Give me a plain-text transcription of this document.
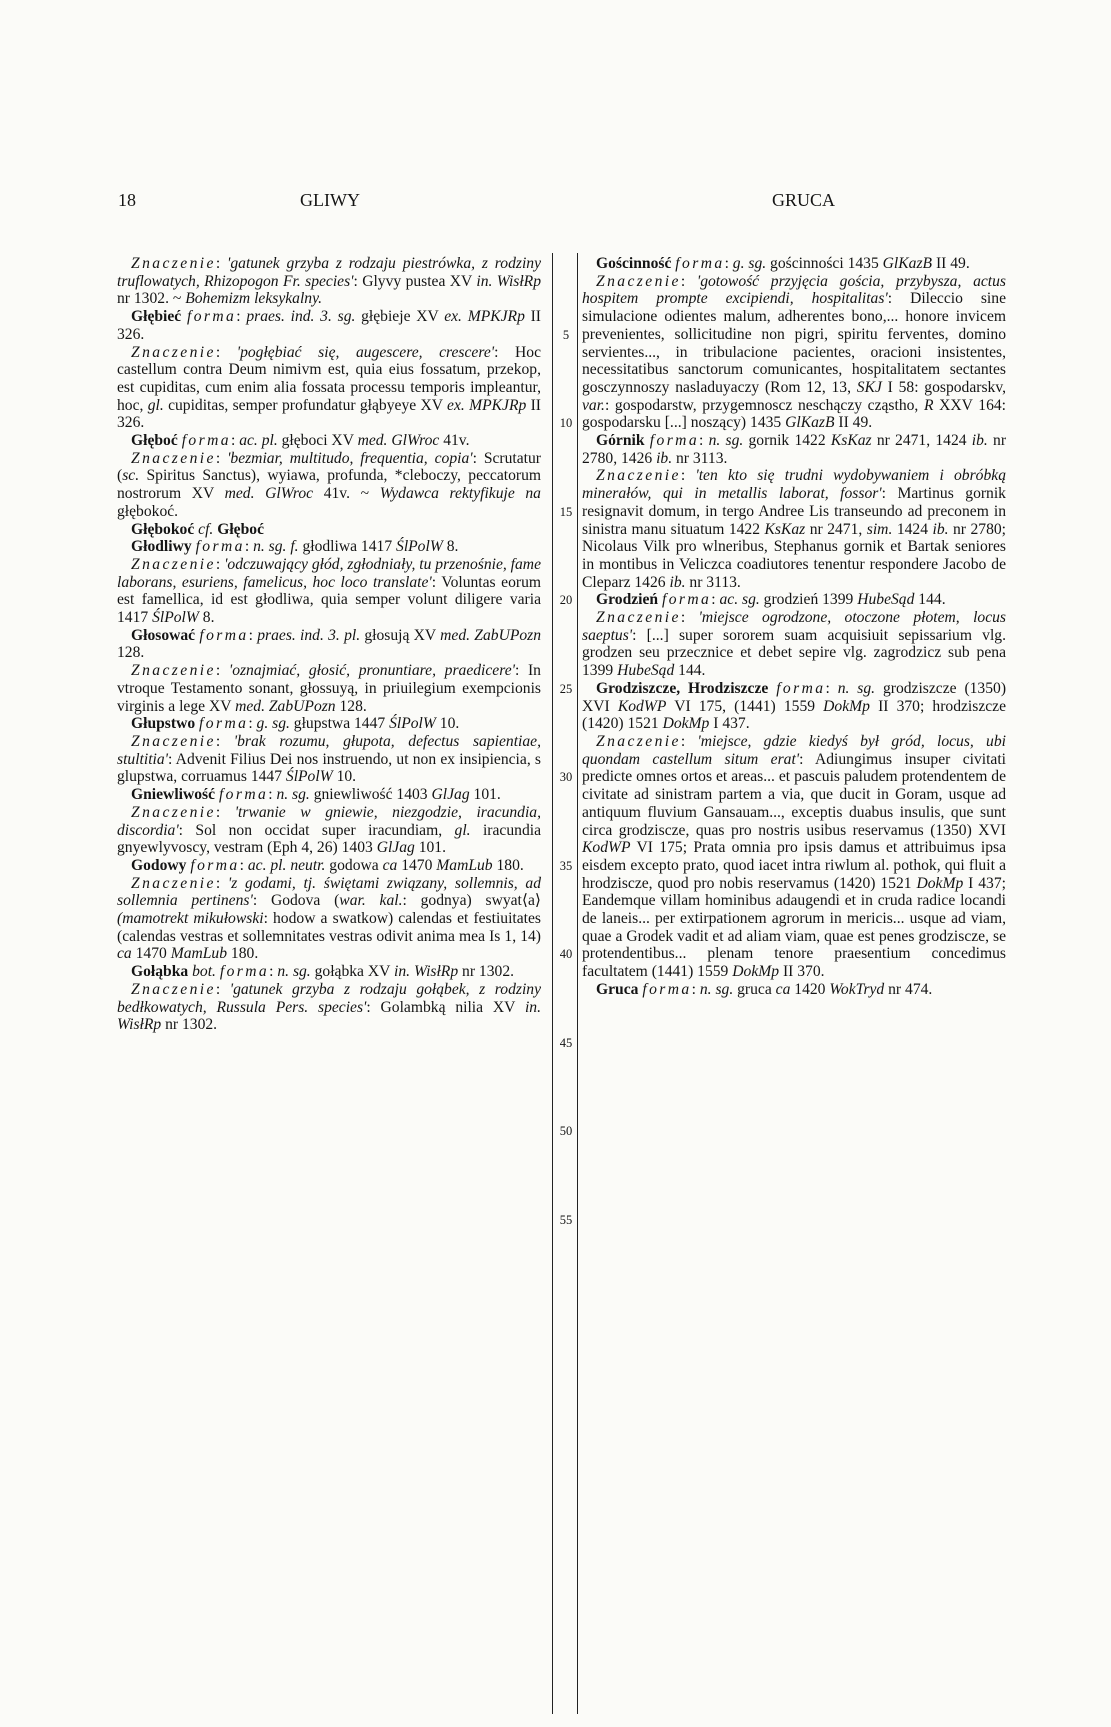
18	GLIWY	GRUCA

Znaczenie: 'gatunek grzyba z rodzaju piestrówka, z rodziny truflowatych, Rhizopogon Fr. species': Glyvy pustea XV in. WisłRp nr 1302. ~ Bohemizm leksykalny.

Głębieć forma: praes. ind. 3. sg. głębieje XV ex. MPKJRp II 326.

Znaczenie: 'pogłębiać się, augescere, crescere': Hoc castellum contra Deum nimivm est, quia eius fossatum, przekop, est cupiditas, cum enim alia fossata processu temporis impleantur, hoc, gl. cupiditas, semper profundatur głąbyeye XV ex. MPKJRp II 326.

Głęboć forma: ac. pl. głęboci XV med. GlWroc 41v.

Znaczenie: 'bezmiar, multitudo, frequentia, copia': Scrutatur (sc. Spiritus Sanctus), wyiawa, profunda, *cleboczy, peccatorum nostrorum XV med. GlWroc 41v. ~ Wydawca rektyfikuje na głębokoć.

Głębokoć cf. Głęboć

Głodliwy forma: n. sg. f. głodliwa 1417 ŚlPolW 8.

Znaczenie: 'odczuwający głód, zgłodniały, tu przenośnie, fame laborans, esuriens, famelicus, hoc loco translate': Voluntas eorum est famellica, id est głodliwa, quia semper volunt diligere varia 1417 ŚlPolW 8.

Głosować forma: praes. ind. 3. pl. głosują XV med. ZabUPozn 128.

Znaczenie: 'oznajmiać, głosić, pronuntiare, praedicere': In vtroque Testamento sonant, głossuyą, in priuilegium exempcionis virginis a lege XV med. ZabUPozn 128.

Głupstwo forma: g. sg. głupstwa 1447 ŚlPolW 10.

Znaczenie: 'brak rozumu, głupota, defectus sapientiae, stultitia': Advenit Filius Dei nos instruendo, ut non ex insipiencia, s glupstwa, corruamus 1447 ŚlPolW 10.

Gniewliwość forma: n. sg. gniewliwość 1403 GlJag 101.

Znaczenie: 'trwanie w gniewie, niezgodzie, iracundia, discordia': Sol non occidat super iracundiam, gl. iracundia gnyewlyvoscy, vestram (Eph 4, 26) 1403 GlJag 101.

Godowy forma: ac. pl. neutr. godowa ca 1470 MamLub 180.

Znaczenie: 'z godami, tj. świętami związany, sollemnis, ad sollemnia pertinens': Godova (war. kal.: godnya) swyat⟨a⟩ (mamotrekt mikułowski: hodow a swatkow) calendas et festiuitates (calendas vestras et sollemnitates vestras odivit anima mea Is 1, 14) ca 1470 MamLub 180.

Gołąbka bot. forma: n. sg. gołąbka XV in. WisłRp nr 1302.

Znaczenie: 'gatunek grzyba z rodzaju gołąbek, z rodziny bedłkowatych, Russula Pers. species': Golambką nilia XV in. WisłRp nr 1302.

5
10
15
20
25
30
35
40
45
50
55

Gościnność forma: g. sg. gościnności 1435 GlKazB II 49.

Znaczenie: 'gotowość przyjęcia gościa, przybysza, actus hospitem prompte excipiendi, hospitalitas': Dileccio sine simulacione odientes malum, adherentes bono,... honore invicem prevenientes, sollicitudine non pigri, spiritu ferventes, domino servientes..., in tribulacione pacientes, oracioni insistentes, necessitatibus sanctorum comunicantes, hospitalitatem sectantes gosczynnoszy nasladuyaczy (Rom 12, 13, SKJ I 58: gospodarskv, var.: gospodarstw, przygemnoscz neschączy cząstho, R XXV 164: gospodarsku [...] noszący) 1435 GlKazB II 49.

Górnik forma: n. sg. gornik 1422 KsKaz nr 2471, 1424 ib. nr 2780, 1426 ib. nr 3113.

Znaczenie: 'ten kto się trudni wydobywaniem i obróbką minerałów, qui in metallis laborat, fossor': Martinus gornik resignavit domum, in tergo Andree Lis transeundo ad preconem in sinistra manu situatum 1422 KsKaz nr 2471, sim. 1424 ib. nr 2780; Nicolaus Vilk pro wlneribus, Stephanus gornik et Bartak seniores in montibus in Veliczca coadiutores tenentur respondere Jacobo de Cleparz 1426 ib. nr 3113.

Grodzień forma: ac. sg. grodzień 1399 HubeSąd 144.

Znaczenie: 'miejsce ogrodzone, otoczone płotem, locus saeptus': [...] super sororem suam acquisiuit sepissarium vlg. grodzen seu przecznice et debet sepire vlg. zagrodzicz sub pena 1399 HubeSąd 144.

Grodziszcze, Hrodziszcze forma: n. sg. grodziszcze (1350) XVI KodWP VI 175, (1441) 1559 DokMp II 370; hrodziszcze (1420) 1521 DokMp I 437.

Znaczenie: 'miejsce, gdzie kiedyś był gród, locus, ubi quondam castellum situm erat': Adiungimus insuper civitati predicte omnes ortos et areas... et pascuis paludem protendentem de civitate ad sinistram partem a via, que ducit in Goram, usque ad antiquum fluvium Gansauam..., exceptis duabus insulis, que sunt circa grodziscze, quas pro nostris usibus reservamus (1350) XVI KodWP VI 175; Prata omnia pro ipsis damus et attribuimus ipsa eisdem excepto prato, quod iacet intra riwlum al. pothok, qui fluit a hrodziscze, quod pro nobis reservamus (1420) 1521 DokMp I 437; Eandemque villam hominibus adaugendi et in cruda radice locandi de laneis... per extirpationem agrorum in mericis... usque ad viam, quae a Grodek vadit et ad aliam viam, quae est penes grodziscze, se protendentibus... plenam tenore praesentium concedimus facultatem (1441) 1559 DokMp II 370.

Gruca forma: n. sg. gruca ca 1420 WokTryd nr 474.
